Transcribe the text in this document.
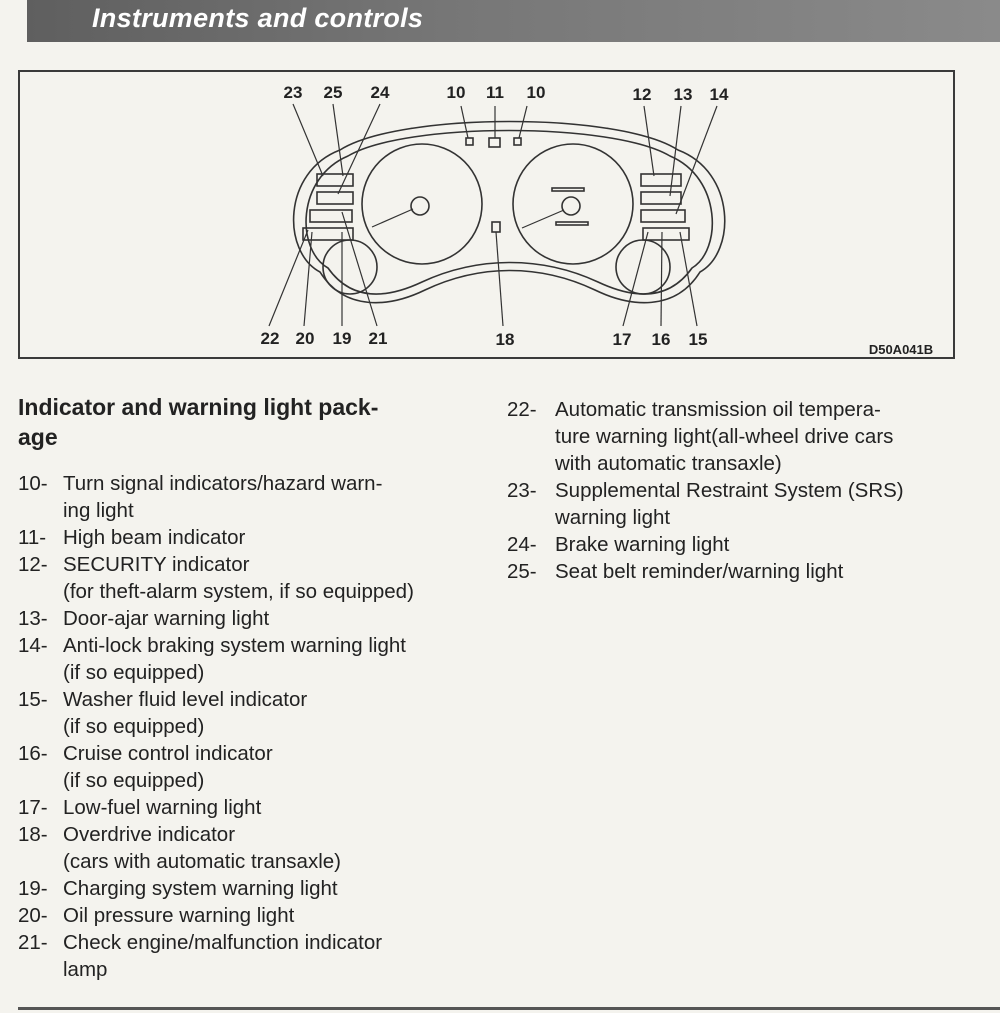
Instruments and controls
23 25 24	10 11 10	12 13 14
22 20 19 21	18	17 16 15
D50A041B
Indicator and warning light pack-
age
10- Turn signal indicators/hazard warn-
ing light
11- High beam indicator
12- SECURITY indicator
(for theft-alarm system, if so equipped)
13- Door-ajar warning light
14- Anti-lock braking system warning light
(if so equipped)
15- Washer fluid level indicator
(if so equipped)
16- Cruise control indicator
(if so equipped)
17- Low-fuel warning light
18- Overdrive indicator
(cars with automatic transaxle)
19- Charging system warning light
20- Oil pressure warning light
21- Check engine/malfunction indicator
lamp
22- Automatic transmission oil tempera-
ture warning light(all-wheel drive cars
with automatic transaxle)
23- Supplemental Restraint System (SRS)
warning light
24- Brake warning light
25- Seat belt reminder/warning light
